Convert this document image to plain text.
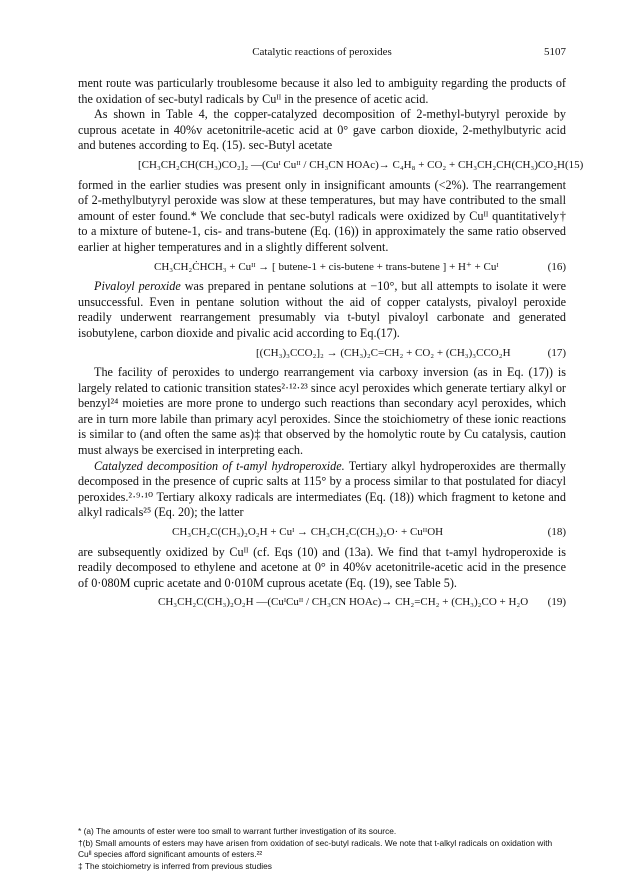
Catalytic reactions of peroxides	5107

ment route was particularly troublesome because it also led to ambiguity regarding the products of the oxidation of sec-butyl radicals by Cuᴵᴵ in the presence of acetic acid.

As shown in Table 4, the copper-catalyzed decomposition of 2-methyl-butyryl peroxide by cuprous acetate in 40%v acetonitrile-acetic acid at 0° gave carbon dioxide, 2-methylbutyric acid and butenes according to Eq. (15). sec-Butyl acetate

[CH₃CH₂CH(CH₃)CO₂]₂ —(Cuᴵ Cuᴵᴵ / CH₃CN HOAc)→ C₄H₈ + CO₂ + CH₃CH₂CH(CH₃)CO₂H (15)

formed in the earlier studies was present only in insignificant amounts (<2%). The rearrangement of 2-methylbutyryl peroxide was slow at these temperatures, but may have contributed to the small amount of ester found.* We conclude that sec-butyl radicals were oxidized by Cuᴵᴵ quantitatively† to a mixture of butene-1, cis- and trans-butene (Eq. (16)) in approximately the same ratio observed earlier at higher temperatures and in a slightly different solvent.

CH₃CH₂ĊHCH₃ + Cuᴵᴵ → [ butene-1 + cis-butene + trans-butene ] + H⁺ + Cuᴵ	(16)

Pivaloyl peroxide was prepared in pentane solutions at −10°, but all attempts to isolate it were unsuccessful. Even in pentane solution without the aid of copper catalysts, pivaloyl peroxide readily underwent rearrangement presumably via t-butyl pivaloyl carbonate and generated isobutylene, carbon dioxide and pivalic acid according to Eq.(17).

[(CH₃)₃CCO₂]₂ → (CH₃)₂C=CH₂ + CO₂ + (CH₃)₃CCO₂H	(17)

The facility of peroxides to undergo rearrangement via carboxy inversion (as in Eq. (17)) is largely related to cationic transition states²·¹²·²³ since acyl peroxides which generate tertiary alkyl or benzyl²⁴ moieties are more prone to undergo such reactions than secondary acyl peroxides, which are in turn more labile than primary acyl peroxides. Since the stoichiometry of these ionic reactions is similar to (and often the same as)‡ that observed by the homolytic route by Cu catalysis, caution must always be exercised in interpreting each.

Catalyzed decomposition of t-amyl hydroperoxide. Tertiary alkyl hydroperoxides are thermally decomposed in the presence of cupric salts at 115° by a process similar to that postulated for diacyl peroxides.²·⁹·¹⁰ Tertiary alkoxy radicals are intermediates (Eq. (18)) which fragment to ketone and alkyl radicals²⁵ (Eq. 20); the latter

CH₃CH₂C(CH₃)₂O₂H + Cuᴵ → CH₃CH₂C(CH₃)₂O· + CuᴵᴵOH	(18)

are subsequently oxidized by Cuᴵᴵ (cf. Eqs (10) and (13a). We find that t-amyl hydroperoxide is readily decomposed to ethylene and acetone at 0° in 40%v acetonitrile-acetic acid in the presence of 0·080M cupric acetate and 0·010M cuprous acetate (Eq. (19), see Table 5).

CH₃CH₂C(CH₃)₂O₂H —(CuᴵCuᴵᴵ / CH₃CN HOAc)→ CH₂=CH₂ + (CH₃)₂CO + H₂O (19)
* (a) The amounts of ester were too small to warrant further investigation of its source.
†(b) Small amounts of esters may have arisen from oxidation of sec-butyl radicals. We note that t-alkyl radicals on oxidation with Cuᴵᴵ species afford significant amounts of esters.²²
‡ The stoichiometry is inferred from previous studies
